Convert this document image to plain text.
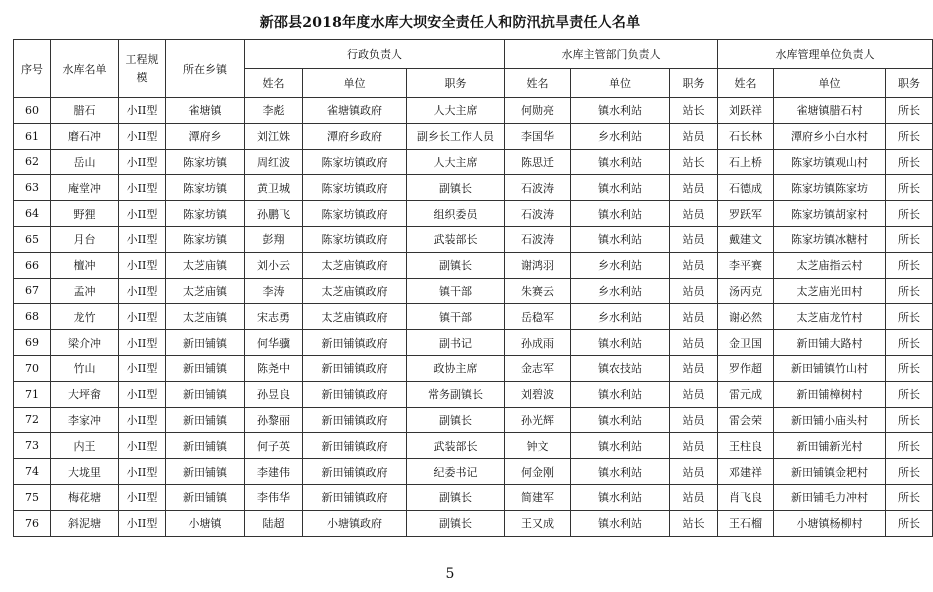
新邵县2018年度水库大坝安全责任人和防汛抗旱责任人名单
序号	水库名单	工程规模	所在乡镇	行政负责人			水库主管部门负责人			水库管理单位负责人		
				姓名	单位	职务	姓名	单位	职务	姓名	单位	职务
60	腊石	小II型	雀塘镇	李彪	雀塘镇政府	人大主席	何勋亮	镇水利站	站长	刘跃祥	雀塘镇腊石村	所长
61	磨石冲	小II型	潭府乡	刘江姝	潭府乡政府	副乡长工作人员	李国华	乡水利站	站员	石长林	潭府乡小白水村	所长
62	岳山	小II型	陈家坊镇	周红波	陈家坊镇政府	人大主席	陈思迁	镇水利站	站长	石上桥	陈家坊镇观山村	所长
63	庵堂冲	小II型	陈家坊镇	黄卫城	陈家坊镇政府	副镇长	石波涛	镇水利站	站员	石德成	陈家坊镇陈家坊	所长
64	野狸	小II型	陈家坊镇	孙鹏飞	陈家坊镇政府	组织委员	石波涛	镇水利站	站员	罗跃军	陈家坊镇胡家村	所长
65	月台	小II型	陈家坊镇	彭翔	陈家坊镇政府	武装部长	石波涛	镇水利站	站员	戴建文	陈家坊镇冰糖村	所长
66	檀冲	小II型	太芝庙镇	刘小云	太芝庙镇政府	副镇长	谢鸿羽	乡水利站	站员	李平赛	太芝庙指云村	所长
67	孟冲	小II型	太芝庙镇	李涛	太芝庙镇政府	镇干部	朱赛云	乡水利站	站员	汤丙克	太芝庙光田村	所长
68	龙竹	小II型	太芝庙镇	宋志勇	太芝庙镇政府	镇干部	岳稳军	乡水利站	站员	谢必然	太芝庙龙竹村	所长
69	梁介冲	小II型	新田铺镇	何华骥	新田铺镇政府	副书记	孙成雨	镇水利站	站员	金卫国	新田铺大路村	所长
70	竹山	小II型	新田铺镇	陈尧中	新田铺镇政府	政协主席	金志军	镇农技站	站员	罗作超	新田铺镇竹山村	所长
71	大坪畲	小II型	新田铺镇	孙昱良	新田铺镇政府	常务副镇长	刘碧波	镇水利站	站员	雷元成	新田铺樟树村	所长
72	李家冲	小II型	新田铺镇	孙黎丽	新田铺镇政府	副镇长	孙光辉	镇水利站	站员	雷会荣	新田铺小庙头村	所长
73	内王	小II型	新田铺镇	何子英	新田铺镇政府	武装部长	钟文	镇水利站	站员	王柱良	新田铺新光村	所长
74	大垅里	小II型	新田铺镇	李建伟	新田铺镇政府	纪委书记	何金刚	镇水利站	站员	邓建祥	新田铺镇金耙村	所长
75	梅花塘	小II型	新田铺镇	李伟华	新田铺镇政府	副镇长	简建军	镇水利站	站员	肖飞良	新田铺毛力冲村	所长
76	斜泥塘	小II型	小塘镇	陆超	小塘镇政府	副镇长	王又成	镇水利站	站长	王石榴	小塘镇杨柳村	所长
5
